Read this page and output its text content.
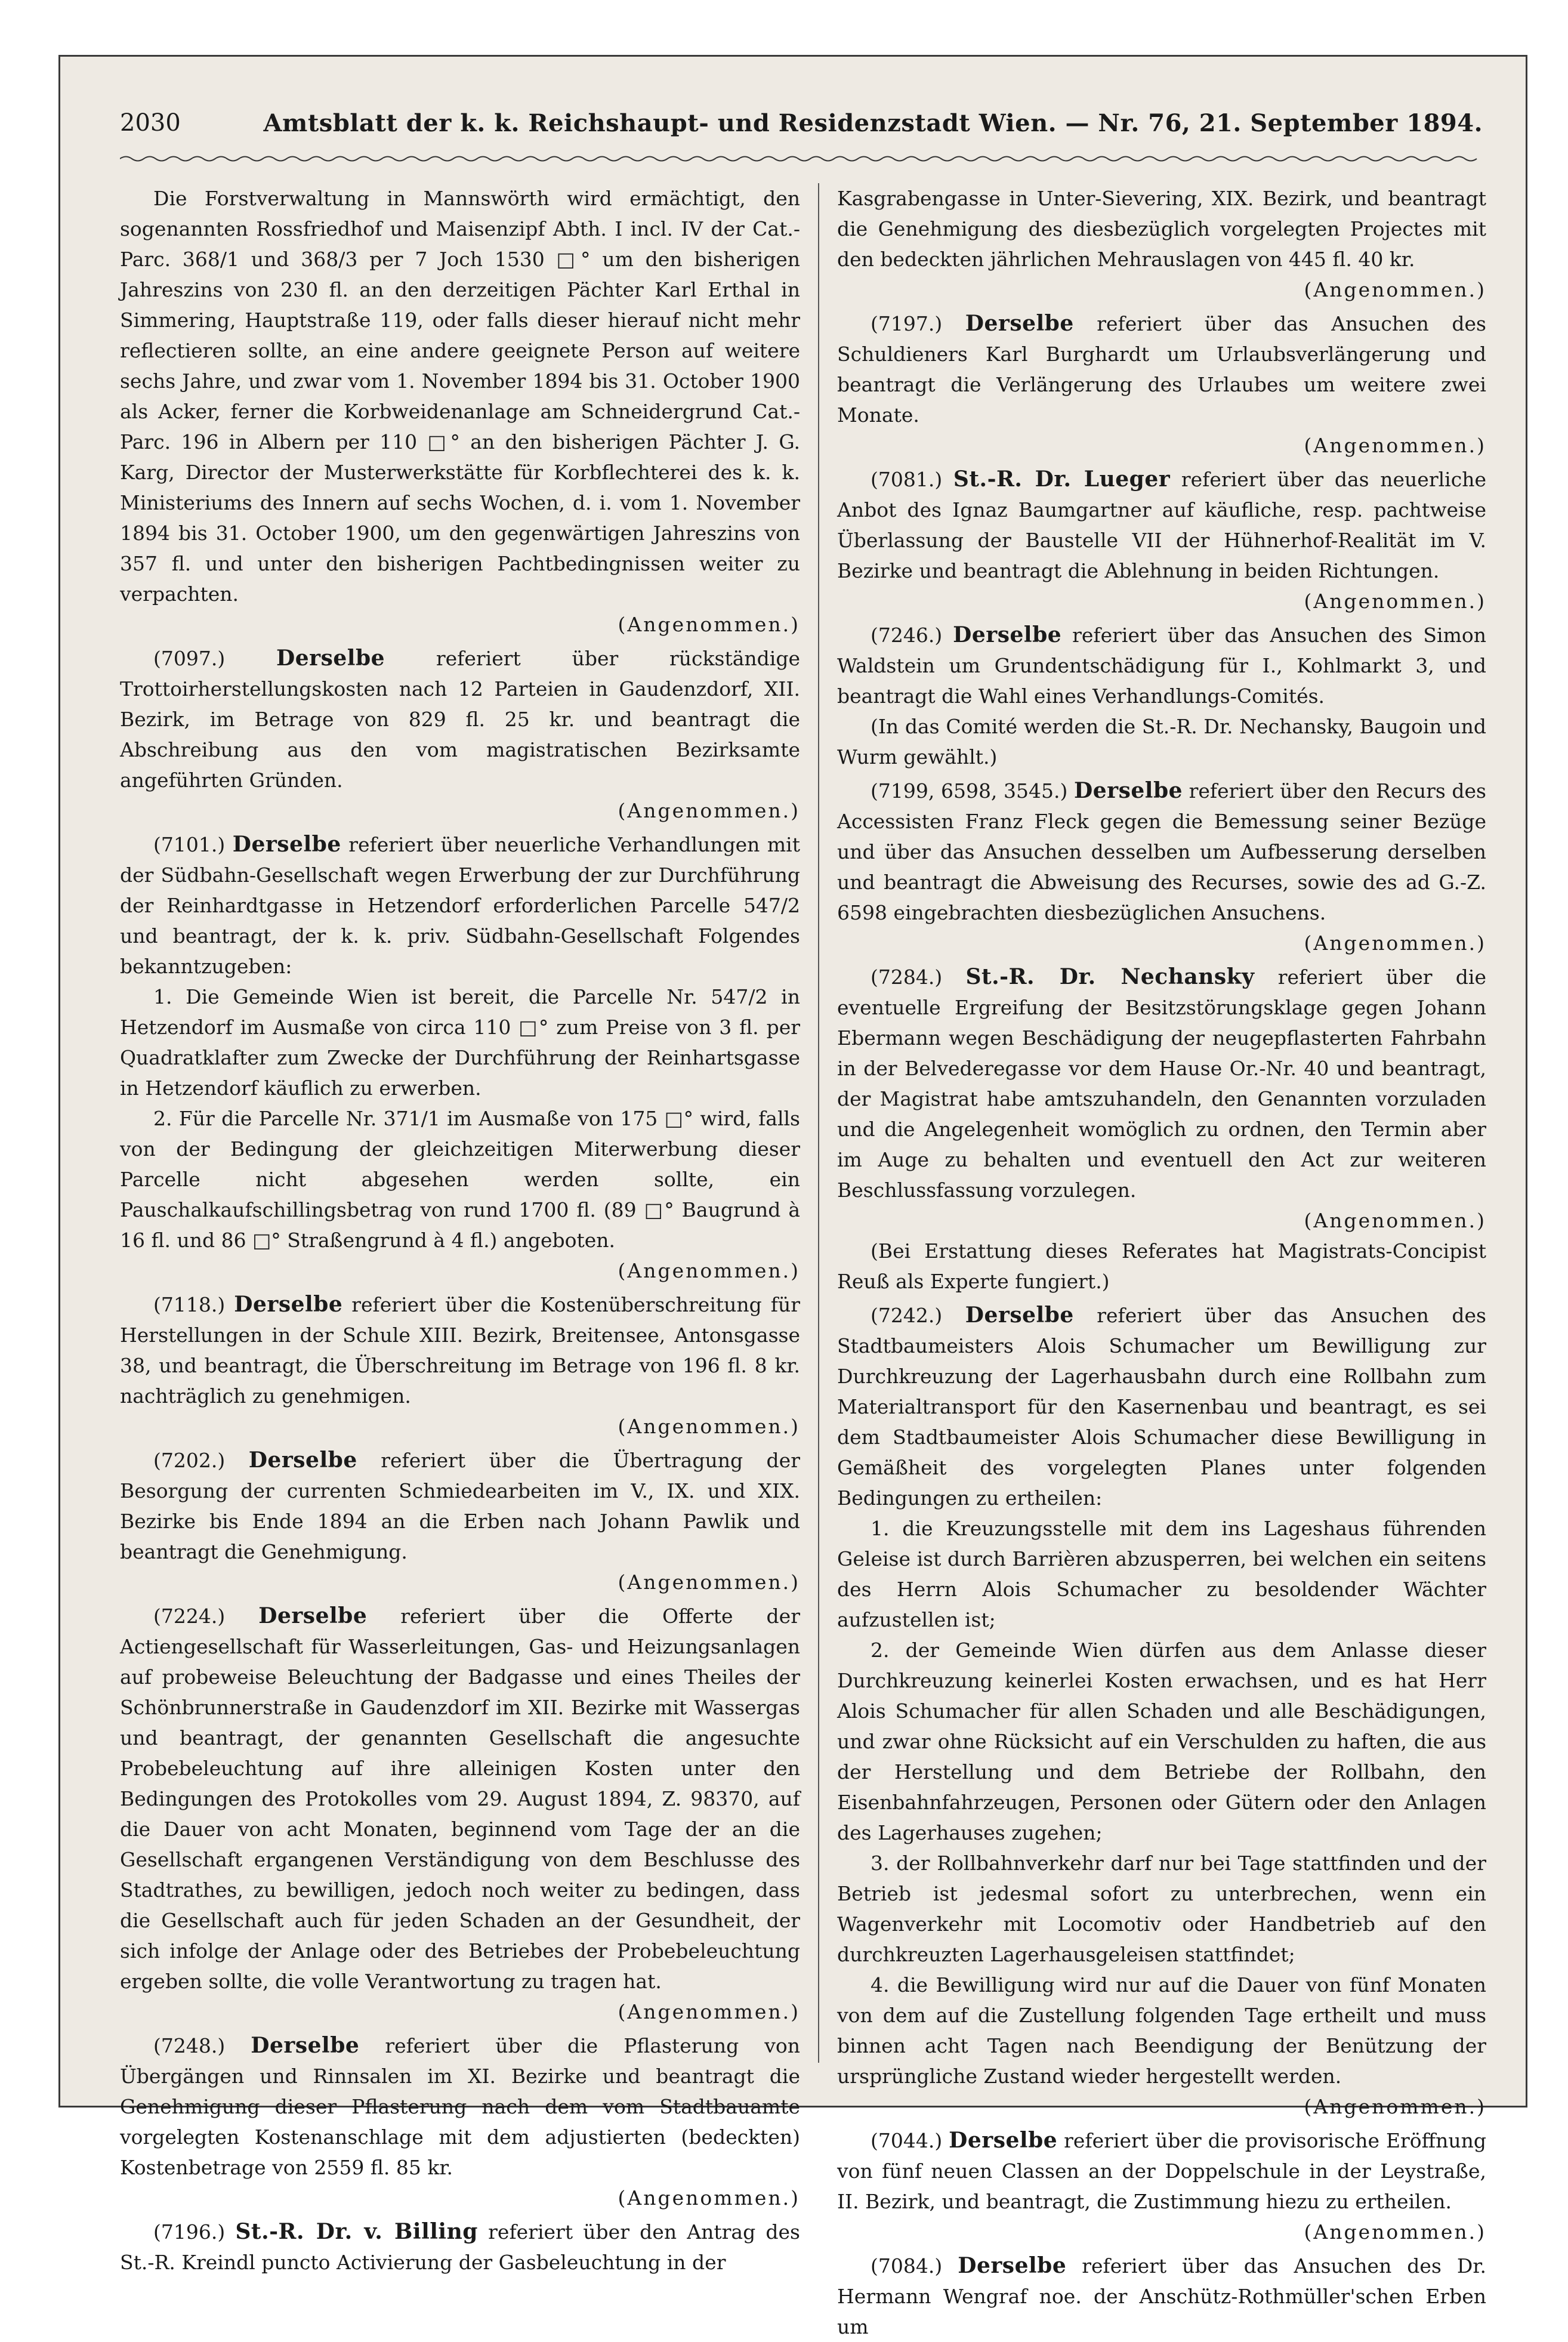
2030	Amtsblatt der k. k. Reichshaupt- und Residenzstadt Wien. — Nr. 76, 21. September 1894.

Die Forstverwaltung in Mannswörth wird ermächtigt, den sogenannten Rossfriedhof und Maisenzipf Abth. I incl. IV der Cat.-Parc. 368/1 und 368/3 per 7 Joch 1530 □° um den bisherigen Jahreszins von 230 fl. an den derzeitigen Pächter Karl Erthal in Simmering, Hauptstraße 119, oder falls dieser hierauf nicht mehr reflectieren sollte, an eine andere geeignete Person auf weitere sechs Jahre, und zwar vom 1. November 1894 bis 31. October 1900 als Acker, ferner die Korbweidenanlage am Schneidergrund Cat.-Parc. 196 in Albern per 110 □° an den bisherigen Pächter J. G. Karg, Director der Musterwerkstätte für Korbflechterei des k. k. Ministeriums des Innern auf sechs Wochen, d. i. vom 1. November 1894 bis 31. October 1900, um den gegenwärtigen Jahreszins von 357 fl. und unter den bisherigen Pachtbedingnissen weiter zu verpachten.
(Angenommen.)

(7097.) Derselbe	referiert über rückständige Trottoirherstellungskosten nach 12 Parteien in Gaudenzdorf, XII. Bezirk, im Betrage von 829 fl. 25 kr. und beantragt die Abschreibung aus den vom magistratischen Bezirksamte angeführten Gründen.
(Angenommen.)

(7101.) Derselbe referiert über neuerliche Verhandlungen mit der Südbahn-Gesellschaft wegen Erwerbung der zur Durchführung der Reinhardtgasse in Hetzendorf erforderlichen Parcelle 547/2 und beantragt, der k. k. priv. Südbahn-Gesellschaft Folgendes bekanntzugeben:

1. Die Gemeinde Wien ist bereit, die Parcelle Nr. 547/2 in Hetzendorf im Ausmaße von circa 110 □° zum Preise von 3 fl. per Quadratklafter zum Zwecke der Durchführung der Reinhartsgasse in Hetzendorf käuflich zu erwerben.

2. Für die Parcelle Nr. 371/1 im Ausmaße von 175 □° wird, falls von der Bedingung der gleichzeitigen Miterwerbung dieser Parcelle nicht abgesehen werden sollte, ein Pauschalkaufschillingsbetrag von rund 1700 fl. (89 □° Baugrund à 16 fl. und 86 □° Straßengrund à 4 fl.) angeboten.
(Angenommen.)

(7118.) Derselbe referiert über die Kostenüberschreitung für Herstellungen in der Schule XIII. Bezirk, Breitensee, Antonsgasse 38, und beantragt, die Überschreitung im Betrage von 196 fl. 8 kr. nachträglich zu genehmigen.
(Angenommen.)

(7202.) Derselbe referiert über die Übertragung der Besorgung der currenten Schmiedearbeiten im V., IX. und XIX. Bezirke bis Ende 1894 an die Erben nach Johann Pawlik und beantragt die Genehmigung.
(Angenommen.)

(7224.) Derselbe referiert über die Offerte der Actiengesellschaft für Wasserleitungen, Gas- und Heizungsanlagen auf probeweise Beleuchtung der Badgasse und eines Theiles der Schönbrunnerstraße in Gaudenzdorf im XII. Bezirke mit Wassergas und beantragt, der genannten Gesellschaft die angesuchte Probebeleuchtung auf ihre alleinigen Kosten unter den Bedingungen des Protokolles vom 29. August 1894, Z. 98370, auf die Dauer von acht Monaten, beginnend vom Tage der an die Gesellschaft ergangenen Verständigung von dem Beschlusse des Stadtrathes, zu bewilligen, jedoch noch weiter zu bedingen, dass die Gesellschaft auch für jeden Schaden an der Gesundheit, der sich infolge der Anlage oder des Betriebes der Probebeleuchtung ergeben sollte, die volle Verantwortung zu tragen hat.
(Angenommen.)

(7248.) Derselbe referiert über die Pflasterung von Übergängen und Rinnsalen im XI. Bezirke und beantragt die Genehmigung dieser Pflasterung nach dem vom Stadtbauamte vorgelegten Kostenanschlage mit dem adjustierten (bedeckten) Kostenbetrage von 2559 fl. 85 kr.
(Angenommen.)

(7196.) St.-R. Dr. v. Billing referiert über den Antrag des St.-R. Kreindl puncto Activierung der Gasbeleuchtung in der

Kasgrabengasse in Unter-Sievering, XIX. Bezirk, und beantragt die Genehmigung des diesbezüglich vorgelegten Projectes mit den bedeckten jährlichen Mehrauslagen von 445 fl. 40 kr.
(Angenommen.)

(7197.) Derselbe referiert über das Ansuchen des Schuldieners Karl Burghardt um Urlaubsverlängerung und beantragt die Verlängerung des Urlaubes um weitere zwei Monate.
(Angenommen.)

(7081.) St.-R. Dr. Lueger referiert über das neuerliche Anbot des Ignaz Baumgartner auf käufliche, resp. pachtweise Überlassung der Baustelle VII der Hühnerhof-Realität im V. Bezirke und beantragt die Ablehnung in beiden Richtungen.
(Angenommen.)

(7246.) Derselbe referiert über das Ansuchen des Simon Waldstein um Grundentschädigung für I., Kohlmarkt 3, und beantragt die Wahl eines Verhandlungs-Comités.

(In das Comité werden die St.-R. Dr. Nechansky, Baugoin und Wurm gewählt.)

(7199, 6598, 3545.) Derselbe referiert über den Recurs des Accessisten Franz Fleck gegen die Bemessung seiner Bezüge und über das Ansuchen desselben um Aufbesserung derselben und beantragt die Abweisung des Recurses, sowie des ad G.-Z. 6598 eingebrachten diesbezüglichen Ansuchens.
(Angenommen.)

(7284.) St.-R. Dr. Nechansky referiert über die eventuelle Ergreifung der Besitzstörungsklage gegen Johann Ebermann wegen Beschädigung der neugepflasterten Fahrbahn in der Belvederegasse vor dem Hause Or.-Nr. 40 und beantragt, der Magistrat habe amtszuhandeln, den Genannten vorzuladen und die Angelegenheit womöglich zu ordnen, den Termin aber im Auge zu behalten und eventuell den Act zur weiteren Beschlussfassung vorzulegen.
(Angenommen.)

(Bei Erstattung dieses Referates hat Magistrats-Concipist Reuß als Experte fungiert.)

(7242.) Derselbe referiert über das Ansuchen des Stadtbaumeisters Alois Schumacher um Bewilligung zur Durchkreuzung der Lagerhausbahn durch eine Rollbahn zum Materialtransport für den Kasernenbau und beantragt, es sei dem Stadtbaumeister Alois Schumacher diese Bewilligung in Gemäßheit des vorgelegten Planes unter folgenden Bedingungen zu ertheilen:

1. die Kreuzungsstelle mit dem ins Lageshaus führenden Geleise ist durch Barrièren abzusperren, bei welchen ein seitens des Herrn Alois Schumacher zu besoldender Wächter aufzustellen ist;

2. der Gemeinde Wien dürfen aus dem Anlasse dieser Durchkreuzung keinerlei Kosten erwachsen, und es hat Herr Alois Schumacher für allen Schaden und alle Beschädigungen, und zwar ohne Rücksicht auf ein Verschulden zu haften, die aus der Herstellung und dem Betriebe der Rollbahn, den Eisenbahnfahrzeugen, Personen oder Gütern oder den Anlagen des Lagerhauses zugehen;

3. der Rollbahnverkehr darf nur bei Tage stattfinden und der Betrieb ist jedesmal sofort zu unterbrechen, wenn ein Wagenverkehr mit Locomotiv oder Handbetrieb auf den durchkreuzten Lagerhausgeleisen stattfindet;

4. die Bewilligung wird nur auf die Dauer von fünf Monaten von dem auf die Zustellung folgenden Tage ertheilt und muss binnen acht Tagen nach Beendigung der Benützung der ursprüngliche Zustand wieder hergestellt werden.
(Angenommen.)

(7044.) Derselbe referiert über die provisorische Eröffnung von fünf neuen Classen an der Doppelschule in der Leystraße, II. Bezirk, und beantragt, die Zustimmung hiezu zu ertheilen.
(Angenommen.)

(7084.) Derselbe referiert über das Ansuchen des Dr. Hermann Wengraf noe. der Anschütz-Rothmüller'schen Erben um
